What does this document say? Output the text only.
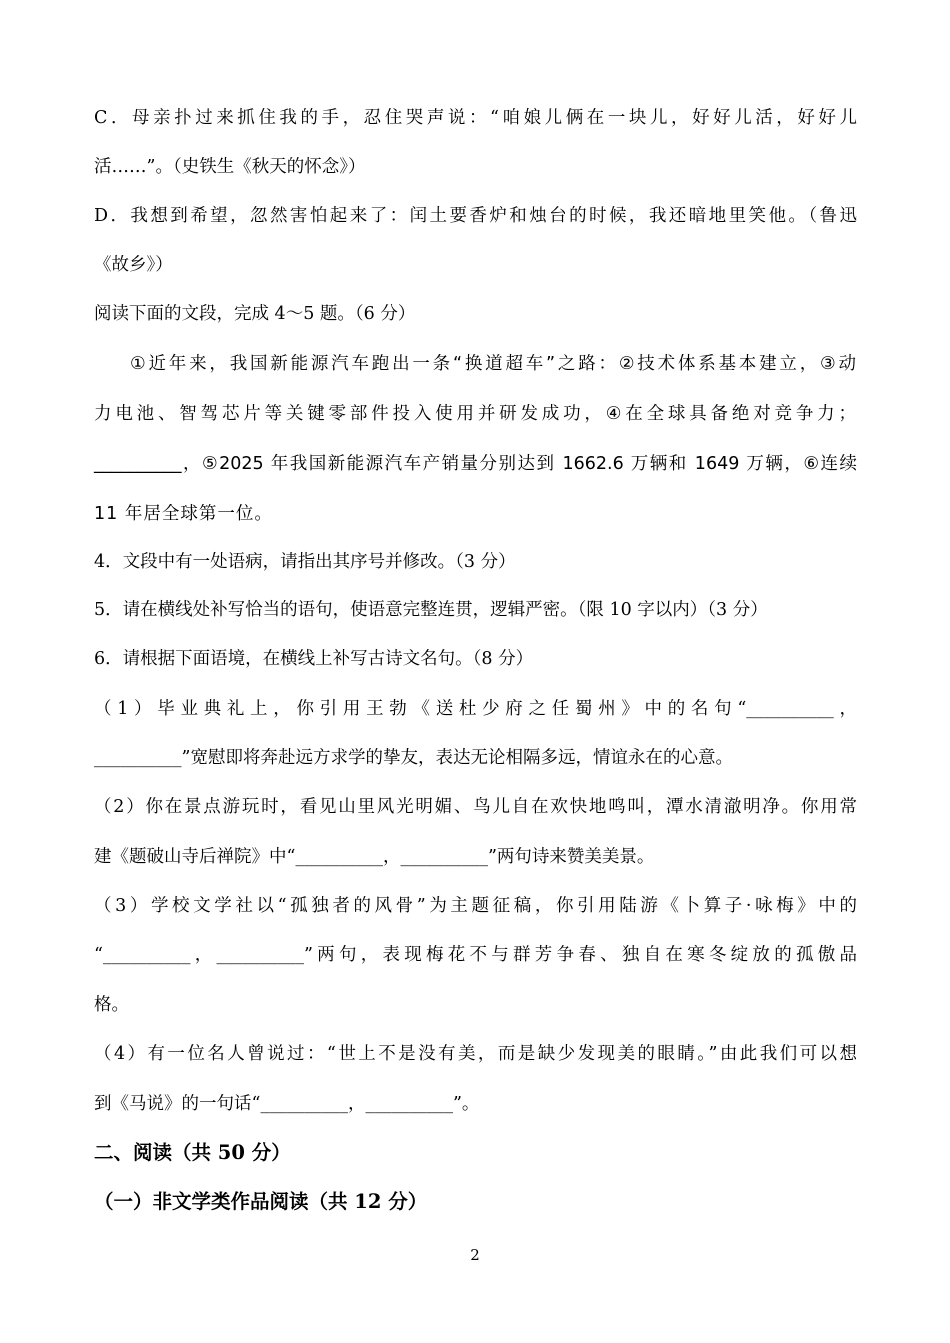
C．母亲扑过来抓住我的手，忍住哭声说：“咱娘儿俩在一块儿，好好儿活，好好儿
活……”。（史铁生《秋天的怀念》）
D．我想到希望，忽然害怕起来了：闰土要香炉和烛台的时候，我还暗地里笑他。（鲁迅
《故乡》）
阅读下面的文段，完成 4～5 题。（6 分）
①近年来，我国新能源汽车跑出一条“换道超车”之路：②技术体系基本建立，③动
力电池、智驾芯片等关键零部件投入使用并研发成功，④在全球具备绝对竞争力；
__________，⑤2025 年我国新能源汽车产销量分别达到 1662.6 万辆和 1649 万辆，⑥连续
11 年居全球第一位。
4．文段中有一处语病，请指出其序号并修改。（3 分）
5．请在横线处补写恰当的语句，使语意完整连贯，逻辑严密。（限 10 字以内）（3 分）
6．请根据下面语境，在横线上补写古诗文名句。（8 分）
（1）毕业典礼上，你引用王勃《送杜少府之任蜀州》中的名句“__________，
__________”宽慰即将奔赴远方求学的挚友，表达无论相隔多远，情谊永在的心意。
（2）你在景点游玩时，看见山里风光明媚、鸟儿自在欢快地鸣叫，潭水清澈明净。你用常
建《题破山寺后禅院》中“__________，__________”两句诗来赞美美景。
（3）学校文学社以“孤独者的风骨”为主题征稿，你引用陆游《卜算子·咏梅》中的
“__________，__________”两句，表现梅花不与群芳争春、独自在寒冬绽放的孤傲品
格。
（4）有一位名人曾说过：“世上不是没有美，而是缺少发现美的眼睛。”由此我们可以想
到《马说》的一句话“__________，__________”。
二、阅读（共 50 分）
（一）非文学类作品阅读（共 12 分）
2
